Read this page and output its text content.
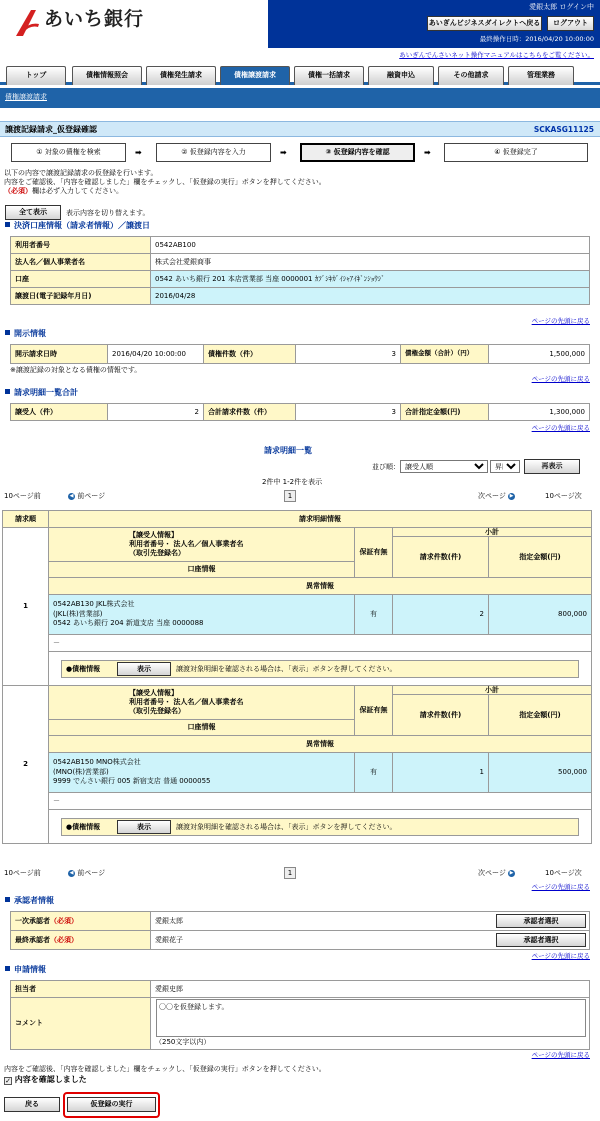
あいち銀行
愛銀太郎 ログイン中
最終操作日時：2016/04/20 10:00:00
あいぎんビジネスダイレクトへ戻る	ログアウト
あいぎんでんさいネット操作マニュアルはこちらをご覧ください。
トップ	債権情報照会	債権発生請求	債権譲渡請求	債権一括請求	融資申込	その他請求	管理業務
債権譲渡請求
譲渡記録請求_仮登録確認	SCKASG11125
① 対象の債権を検索	➡	② 仮登録内容を入力	➡	③ 仮登録内容を確認	➡	④ 仮登録完了
以下の内容で譲渡記録請求の仮登録を行います。
内容をご確認後、「内容を確認しました」欄をチェックし、「仮登録の実行」ボタンを押してください。
（必須）欄は必ず入力してください。
全て表示	表示内容を切り替えます。
決済口座情報（請求者情報）／譲渡日
利用者番号	0542AB100
法人名／個人事業者名	株式会社愛銀商事
口座	0542 あいち銀行 201 本店営業部 当座 0000001 ｶﾌﾞｼｷｶﾞｲｼｬｱｲｷﾞﾝｼｮｳｼﾞ
譲渡日(電子記録年月日)	2016/04/28
ページの先頭に戻る
開示情報
開示請求日時	2016/04/20 10:00:00	債権件数（件）	3	債権金額（合計）（円）	1,500,000
※譲渡記録の対象となる債権の情報です。
ページの先頭に戻る
請求明細一覧合計
譲受人（件）	2	合計請求件数（件）	3	合計指定金額(円)	1,300,000
ページの先頭に戻る
請求明細一覧
並び順：
譲受人順
昇順	再表示
2件中 1-2件を表示
10ページ前	◀ 前ページ	1	次ページ ▶	10ページ次
請求順	請求明細情報			
1	【譲受人情報】
利用者番号・ 法人名／個人事業者名
（取引先登録名）	保証有無	小計	
			請求件数(件)	指定金額(円)
	口座情報			
	異常情報			
	0542AB130 JKL株式会社
(JKL(株)営業部)
0542 あいち銀行 204 新道支店 当座 0000088	有	2	800,000
	－			

	●債権情報 表示 譲渡対象明細を確認される場合は、「表示」ボタンを押してください。			

2	【譲受人情報】
利用者番号・ 法人名／個人事業者名
（取引先登録名）	保証有無	小計	
			請求件数(件)	指定金額(円)
	口座情報			
	異常情報			
	0542AB150 MNO株式会社
(MNO(株)営業部)
9999 でんさい銀行 005 新宿支店 普通 0000055	有	1	500,000
	－			

	●債権情報 表示 譲渡対象明細を確認される場合は、「表示」ボタンを押してください。			
10ページ前	◀ 前ページ	1	次ページ ▶	10ページ次
ページの先頭に戻る
承認者情報
一次承認者（必須）	愛銀太郎 承認者選択

最終承認者（必須）	愛銀花子 承認者選択
ページの先頭に戻る
申請情報
担当者	愛銀史郎
コメント	（250文字以内）
〇〇を仮登録します。
ページの先頭に戻る
内容をご確認後、「内容を確認しました」欄をチェックし、「仮登録の実行」ボタンを押してください。
✓ 内容を確認しました
戻る	仮登録の実行
